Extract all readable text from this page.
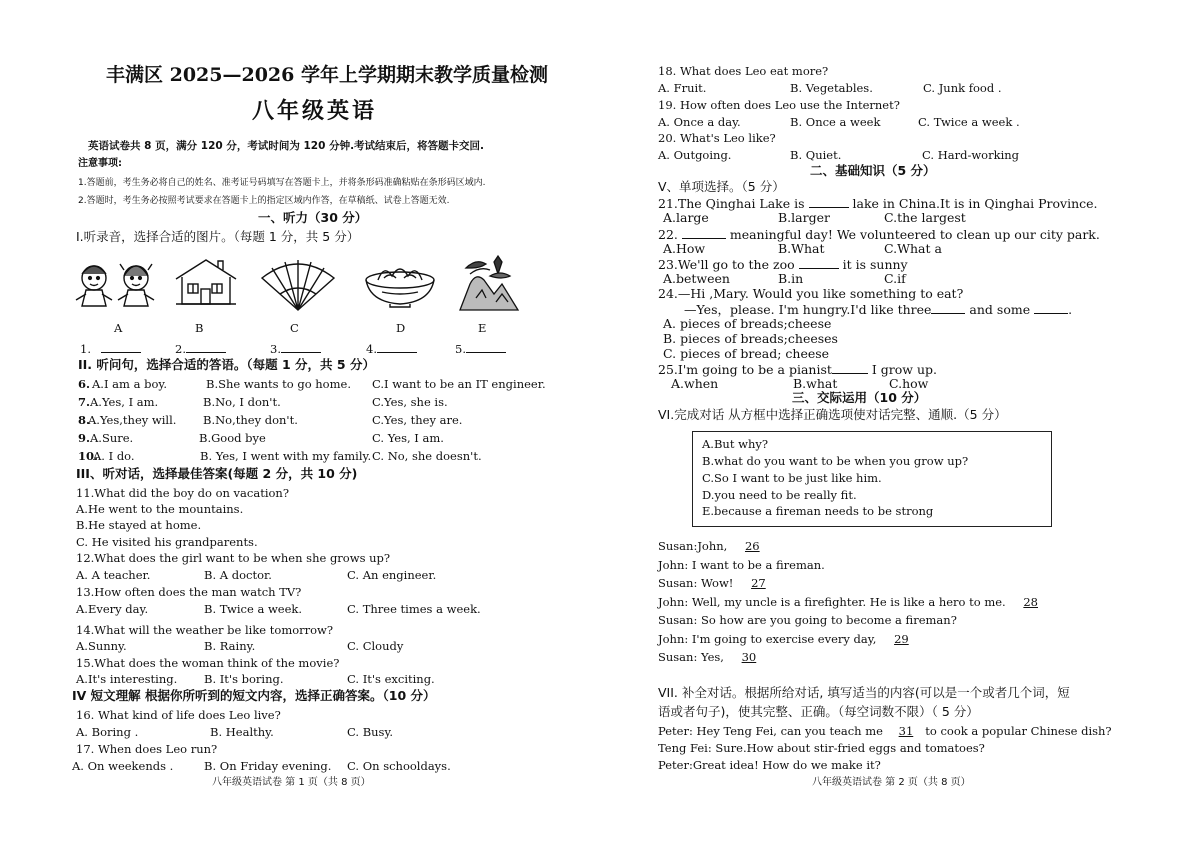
丰满区 2025—2026 学年上学期期末教学质量检测
八年级英语
英语试卷共 8 页，满分 120 分，考试时间为 120 分钟.考试结束后，将答题卡交回.
注意事项:
1.答题前，考生务必将自己的姓名、准考证号码填写在答题卡上，并将条形码准确粘贴在条形码区域内.
2.答题时，考生务必按照考试要求在答题卡上的指定区域内作答，在草稿纸、试卷上答题无效.
一、听力（30 分）
I.听录音，选择合适的图片。（每题 1 分，共 5 分）
A	B	C	D	E
1.	2.	3.	4.	5.
II. 听问句，选择合适的答语。（每题 1 分，共 5 分）
6. A.I am a boy.	B.She wants to go home. C.I want to be an IT engineer.
7. A.Yes, I am.	B.No, I don't.	C.Yes, she is.
8.
A.Yes,they will. B.No,they don't.	C.Yes, they are.
9. A.Sure.	B.Good bye	C. Yes, I am.
10.
A. I do.	B. Yes, I went with my family. C. No, she doesn't.
III、听对话，选择最佳答案(每题 2 分，共 10 分)
11.What did the boy do on vacation?
A.He went to the mountains.
B.He stayed at home.
C. He visited his grandparents.
12.What does the girl want to be when she grows up?
A. A teacher.	B. A doctor.	C. An engineer.
13.How often does the man watch TV?
A.Every day.	B. Twice a week.	C. Three times a week.
14.What will the weather be like tomorrow?
A.Sunny.	B. Rainy.	C. Cloudy
15.What does the woman think of the movie?
A.It's interesting. B. It's boring.	C. It's exciting.
IV 短文理解 根据你所听到的短文内容，选择正确答案。（10 分）
16. What kind of life does Leo live?
A. Boring .	B. Healthy.	C. Busy.
17. When does Leo run?
A. On weekends .	B. On Friday evening. C. On schooldays.
八年级英语试卷 第 1 页（共 8 页）
18. What does Leo eat more?
A. Fruit.	B. Vegetables.	C. Junk food .
19. How often does Leo use the Internet?
A. Once a day.	B. Once a week	C. Twice a week .
20. What's Leo like?
A. Outgoing.	B. Quiet.	C. Hard-working
二、基础知识（5 分）
V、单项选择。（5 分）
21.The Qinghai Lake is	lake in China.It is in Qinghai Province.
A.large	B.larger	C.the largest
22.	meaningful day! We volunteered to clean up our city park.
A.How	B.What	C.What a
23.We'll go to the zoo	it is sunny
A.between	B.in	C.if
24.—Hi ,Mary. Would you like something to eat?
—Yes，please. I'm hungry.I'd like three	and some	.
A. pieces of breads;cheese
B. pieces of breads;cheeses
C. pieces of bread; cheese
25.I'm going to be a pianist	I grow up.
A.when	B.what	C.how
三、交际运用（10 分）
VI.完成对话 从方框中选择正确选项使对话完整、通顺.（5 分）
A.But why?
B.what do you want to be when you grow up?
C.So I want to be just like him.
D.you need to be really fit.
E.because a fireman needs to be strong
Susan:John, 26
John: I want to be a fireman.
Susan: Wow! 27
John: Well, my uncle is a firefighter. He is like a hero to me. 28
Susan: So how are you going to become a fireman?
John: I'm going to exercise every day, 29
Susan: Yes, 30
VII. 补全对话。根据所给对话, 填写适当的内容(可以是一个或者几个词，短
语或者句子)，使其完整、正确。（每空词数不限）（ 5 分）
Peter: Hey Teng Fei, can you teach me 31 to cook a popular Chinese dish?
Teng Fei: Sure.How about stir-fried eggs and tomatoes?
Peter:Great idea! How do we make it?
八年级英语试卷 第 2 页（共 8 页）
